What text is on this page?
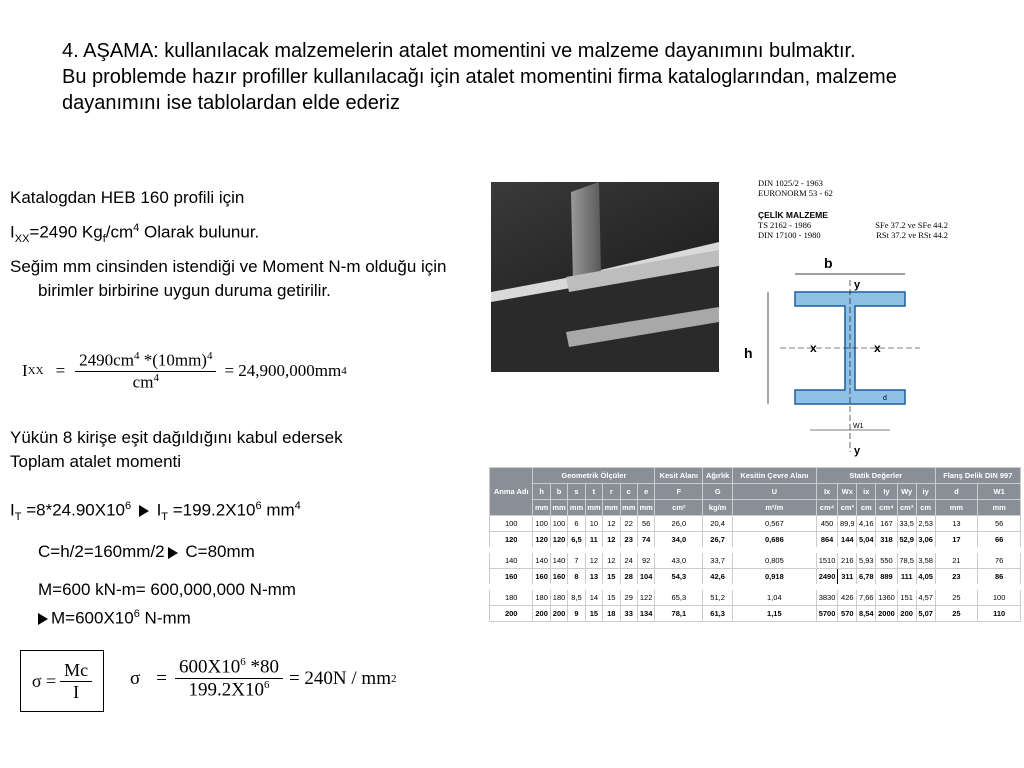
4. AŞAMA: kullanılacak malzemelerin atalet momentini ve malzeme dayanımını bulmaktır.
Bu problemde hazır profiller kullanılacağı için atalet momentini firma kataloglarından, malzeme dayanımını ise tablolardan elde ederiz
Katalogdan HEB 160 profili için
$I_{XX}=2490$ $Kg_f/cm^4$ Olarak bulunur.
Seğim mm cinsinden istendiği ve Moment N-m olduğu için birimler birbirine uygun duruma getirilir.
I XX = $\frac{2490cm^4 *(10mm)^4}{cm^4} = 24,900,000mm$ 4
Yükün 8 kirişe eşit dağıldığını kabul edersek Toplam atalet momenti
$I_T =8*24.90X10^6$  $I_T =199.2X10^6$ $mm^4$
C=h/2=160mm/2 C=80mm
M=600 kN-m= 600,000,000 N-mm
$M=600X10^6$ N-mm
$\sigma = \frac{Mc}{I}$ $\sigma = \frac{600X10^6 *80}{199.2X10^6} = 240N$ / mm 2
DIN 1025/2 - 1963
EURONORM 53 - 62
ÇELİK MALZEME
TS 2162 - 1986	SFe 37.2 ve SFe 44.2
DIN 17100 - 1980	RSt 37.2 ve RSt 44.2
b
y
h	x	x
d
W1
y
Anma Adı	Geometrik Ölçüler							Kesit Alanı	Ağırlık	Kesitin Çevre Alanı	Statik Değerler						Flanş Delik DIN 997	
	h	b	s	t	r	c	e	F	G	U	Ix	Wx	ix	Iy	Wy	iy	d	W1
	mm	mm	mm	mm	mm	mm	mm	cm²	kg/m	m²/m	cm⁴	cm³	cm	cm⁴	cm³	cm	mm	mm
100	100	100	6	10	12	22	56	26,0	20,4	0,567	450	89,9	4,16	167	33,5	2,53	13	56
120	120	120	6,5	11	12	23	74	34,0	26,7	0,686	864	144	5,04	318	52,9	3,06	17	66
140	140	140	7	12	12	24	92	43,0	33,7	0,805	1510	216	5,93	550	78,5	3,58	21	76
160	160	160	8	13	15	28	104	54,3	42,6	0,918	2490	311	6,78	889	111	4,05	23	86
180	180	180	8,5	14	15	29	122	65,3	51,2	1,04	3830	426	7,66	1360	151	4,57	25	100
200	200	200	9	15	18	33	134	78,1	61,3	1,15	5700	570	8,54	2000	200	5,07	25	110
